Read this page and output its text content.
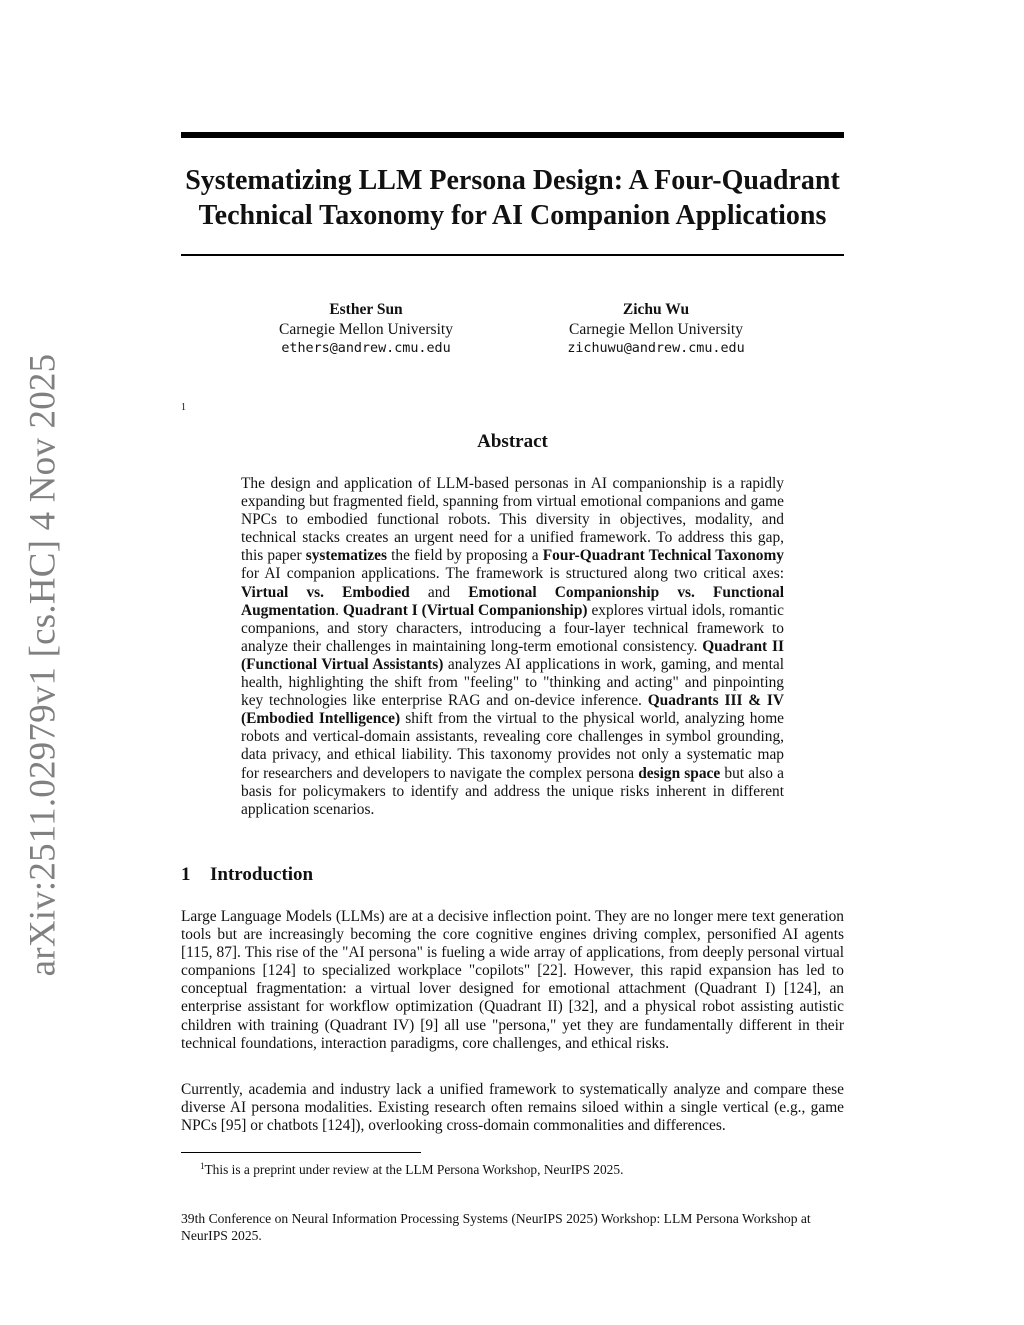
Systematizing LLM Persona Design: A Four-Quadrant
Technical Taxonomy for AI Companion Applications
Esther Sun
Carnegie Mellon University
ethers@andrew.cmu.edu
Zichu Wu
Carnegie Mellon University
zichuwu@andrew.cmu.edu
arXiv:2511.02979v1 [cs.HC] 4 Nov 2025	1
Abstract

The design and application of LLM-based personas in AI companionship is a rapidly expanding but fragmented field, spanning from virtual emotional companions and game NPCs to embodied functional robots. This diversity in objectives, modality, and technical stacks creates an urgent need for a unified framework. To address this gap, this paper systematizes the field by proposing a Four-Quadrant Technical Taxonomy for AI companion applications. The framework is structured along two critical axes: Virtual vs. Embodied and Emotional Companionship vs. Functional Augmentation. Quadrant I (Virtual Companionship) explores virtual idols, romantic companions, and story characters, introducing a four-layer technical framework to analyze their challenges in maintaining long-term emotional consistency. Quadrant II (Functional Virtual Assistants) analyzes AI applications in work, gaming, and mental health, highlighting the shift from "feeling" to "thinking and acting" and pinpointing key technologies like enterprise RAG and on-device inference. Quadrants III & IV (Embodied Intelligence) shift from the virtual to the physical world, analyzing home robots and vertical-domain assistants, revealing core challenges in symbol grounding, data privacy, and ethical liability. This taxonomy provides not only a systematic map for researchers and developers to navigate the complex persona design space but also a basis for policymakers to identify and address the unique risks inherent in different application scenarios.

1 Introduction

Large Language Models (LLMs) are at a decisive inflection point. They are no longer mere text generation tools but are increasingly becoming the core cognitive engines driving complex, personified AI agents [115, 87]. This rise of the "AI persona" is fueling a wide array of applications, from deeply personal virtual companions [124] to specialized workplace "copilots" [22]. However, this rapid expansion has led to conceptual fragmentation: a virtual lover designed for emotional attachment (Quadrant I) [124], an enterprise assistant for workflow optimization (Quadrant II) [32], and a physical robot assisting autistic children with training (Quadrant IV) [9] all use "persona," yet they are fundamentally different in their technical foundations, interaction paradigms, core challenges, and ethical risks.

Currently, academia and industry lack a unified framework to systematically analyze and compare these diverse AI persona modalities. Existing research often remains siloed within a single vertical (e.g., game NPCs [95] or chatbots [124]), overlooking cross-domain commonalities and differences.

$^1$This is a preprint under review at the LLM Persona Workshop, NeurIPS 2025.

39th Conference on Neural Information Processing Systems (NeurIPS 2025) Workshop: LLM Persona Workshop at NeurIPS 2025.
